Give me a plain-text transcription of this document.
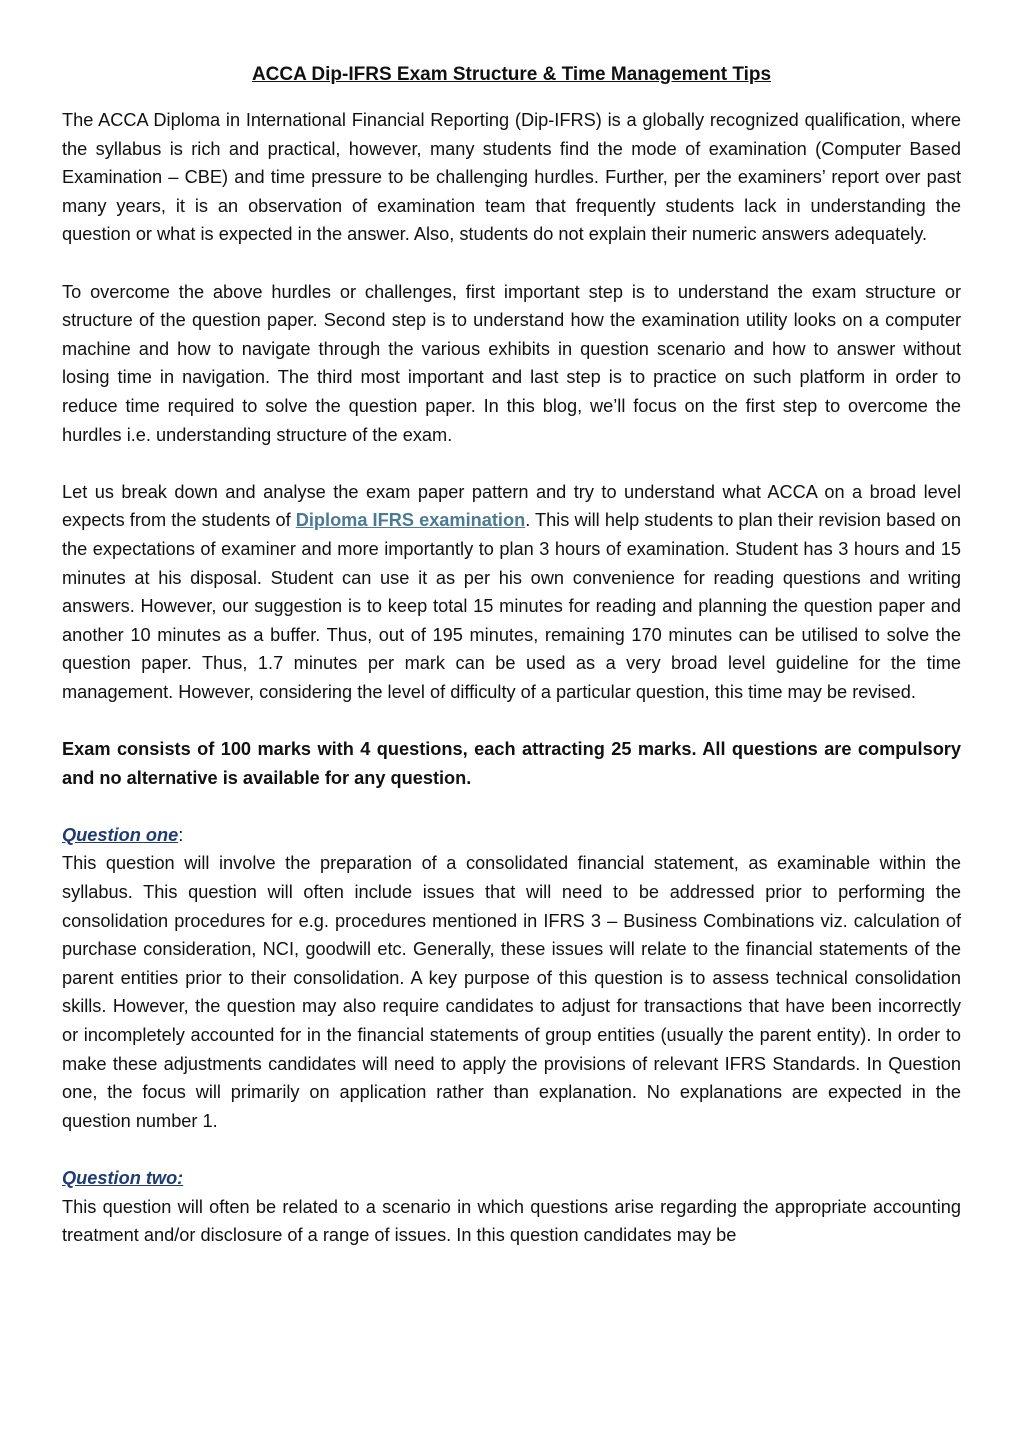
ACCA Dip-IFRS Exam Structure & Time Management Tips

The ACCA Diploma in International Financial Reporting (Dip-IFRS) is a globally recognized qualification, where the syllabus is rich and practical, however, many students find the mode of examination (Computer Based Examination – CBE) and time pressure to be challenging hurdles. Further, per the examiners’ report over past many years, it is an observation of examination team that frequently students lack in understanding the question or what is expected in the answer. Also, students do not explain their numeric answers adequately.

To overcome the above hurdles or challenges, first important step is to understand the exam structure or structure of the question paper. Second step is to understand how the examination utility looks on a computer machine and how to navigate through the various exhibits in question scenario and how to answer without losing time in navigation. The third most important and last step is to practice on such platform in order to reduce time required to solve the question paper. In this blog, we’ll focus on the first step to overcome the hurdles i.e. understanding structure of the exam.

Let us break down and analyse the exam paper pattern and try to understand what ACCA on a broad level expects from the students of Diploma IFRS examination. This will help students to plan their revision based on the expectations of examiner and more importantly to plan 3 hours of examination. Student has 3 hours and 15 minutes at his disposal. Student can use it as per his own convenience for reading questions and writing answers. However, our suggestion is to keep total 15 minutes for reading and planning the question paper and another 10 minutes as a buffer. Thus, out of 195 minutes, remaining 170 minutes can be utilised to solve the question paper. Thus, 1.7 minutes per mark can be used as a very broad level guideline for the time management. However, considering the level of difficulty of a particular question, this time may be revised.

Exam consists of 100 marks with 4 questions, each attracting 25 marks. All questions are compulsory and no alternative is available for any question.

Question one:

This question will involve the preparation of a consolidated financial statement, as examinable within the syllabus. This question will often include issues that will need to be addressed prior to performing the consolidation procedures for e.g. procedures mentioned in IFRS 3 – Business Combinations viz. calculation of purchase consideration, NCI, goodwill etc. Generally, these issues will relate to the financial statements of the parent entities prior to their consolidation. A key purpose of this question is to assess technical consolidation skills. However, the question may also require candidates to adjust for transactions that have been incorrectly or incompletely accounted for in the financial statements of group entities (usually the parent entity). In order to make these adjustments candidates will need to apply the provisions of relevant IFRS Standards. In Question one, the focus will primarily on application rather than explanation. No explanations are expected in the question number 1.

Question two:

This question will often be related to a scenario in which questions arise regarding the appropriate accounting treatment and/or disclosure of a range of issues. In this question candidates may be
